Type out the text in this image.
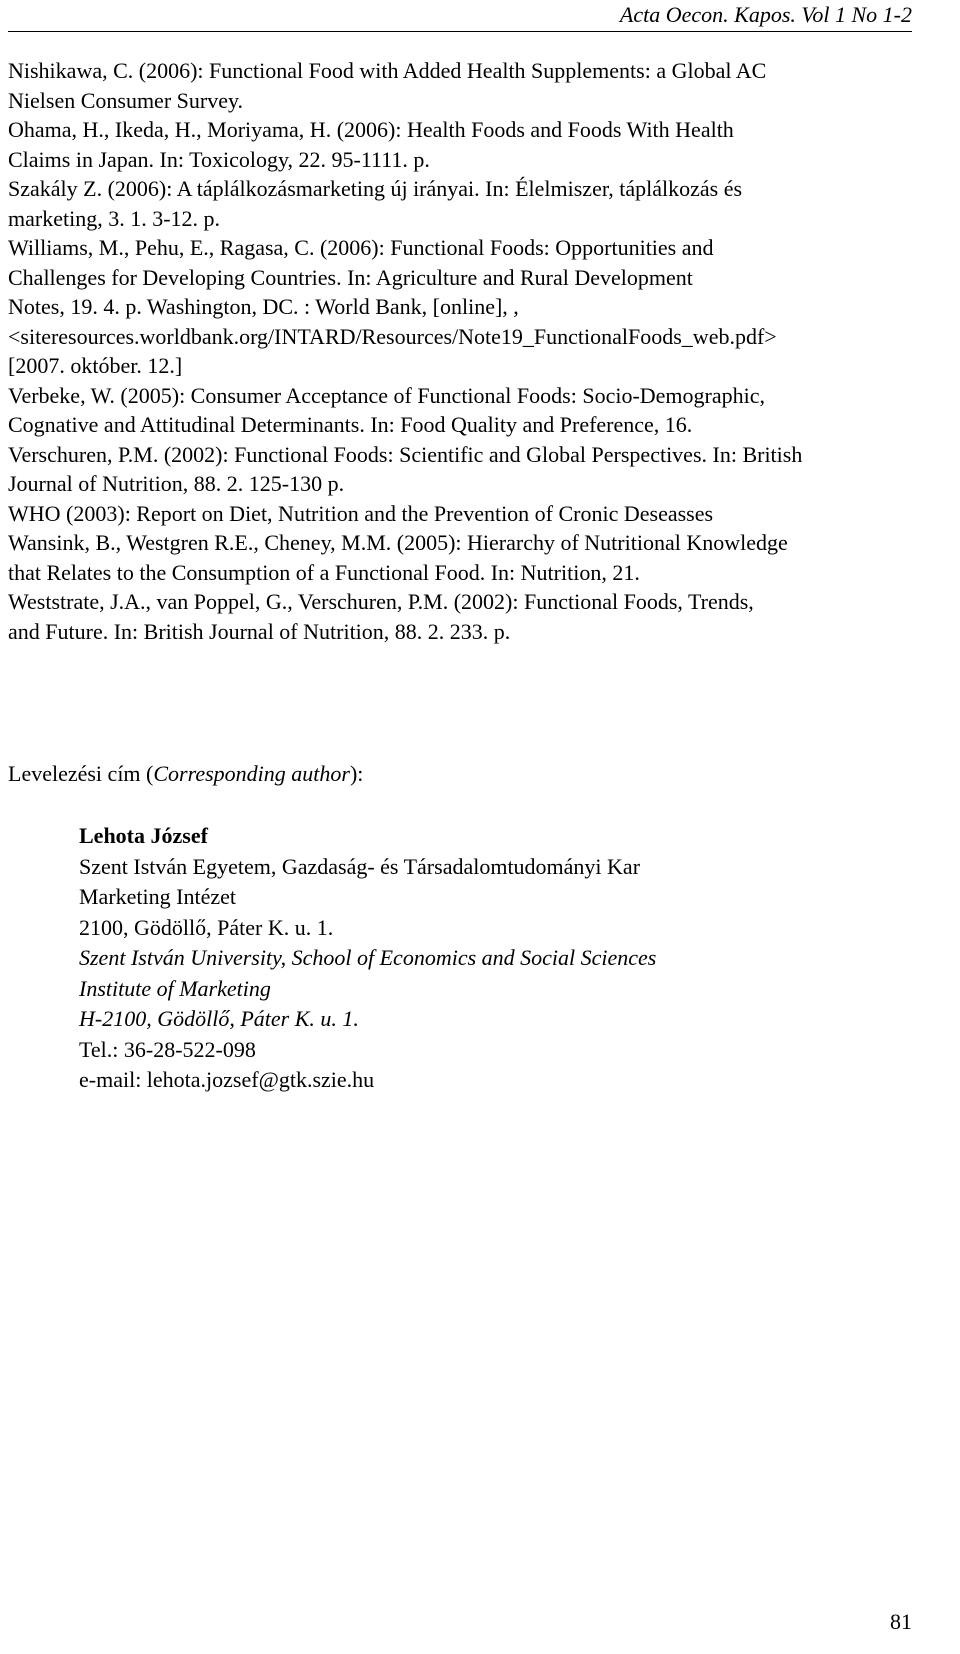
Acta Oecon. Kapos. Vol 1 No 1-2

Nishikawa, C. (2006): Functional Food with Added Health Supplements: a Global AC
Nielsen Consumer Survey.

Ohama, H., Ikeda, H., Moriyama, H. (2006): Health Foods and Foods With Health
Claims in Japan. In: Toxicology, 22. 95-1111. p.

Szakály Z. (2006): A táplálkozásmarketing új irányai. In: Élelmiszer, táplálkozás és
marketing, 3. 1. 3-12. p.

Williams, M., Pehu, E., Ragasa, C. (2006): Functional Foods: Opportunities and
Challenges for Developing Countries. In: Agriculture and Rural Development
Notes, 19. 4. p. Washington, DC. : World Bank, [online], ,
<siteresources.worldbank.org/INTARD/Resources/Note19_FunctionalFoods_web.pdf>
[2007. október. 12.]

Verbeke, W. (2005): Consumer Acceptance of Functional Foods: Socio-Demographic,
Cognative and Attitudinal Determinants. In: Food Quality and Preference, 16.

Verschuren, P.M. (2002): Functional Foods: Scientific and Global Perspectives. In: British
Journal of Nutrition, 88. 2. 125-130 p.

WHO (2003): Report on Diet, Nutrition and the Prevention of Cronic Deseasses

Wansink, B., Westgren R.E., Cheney, M.M. (2005): Hierarchy of Nutritional Knowledge
that Relates to the Consumption of a Functional Food. In: Nutrition, 21.

Weststrate, J.A., van Poppel, G., Verschuren, P.M. (2002): Functional Foods, Trends,
and Future. In: British Journal of Nutrition, 88. 2. 233. p.

Levelezési cím (Corresponding author):
Lehota József
Szent István Egyetem, Gazdaság- és Társadalomtudományi Kar
Marketing Intézet
2100, Gödöllő, Páter K. u. 1.
Szent István University, School of Economics and Social Sciences
Institute of Marketing
H-2100, Gödöllő, Páter K. u. 1.
Tel.: 36-28-522-098
e-mail: lehota.jozsef@gtk.szie.hu
81
